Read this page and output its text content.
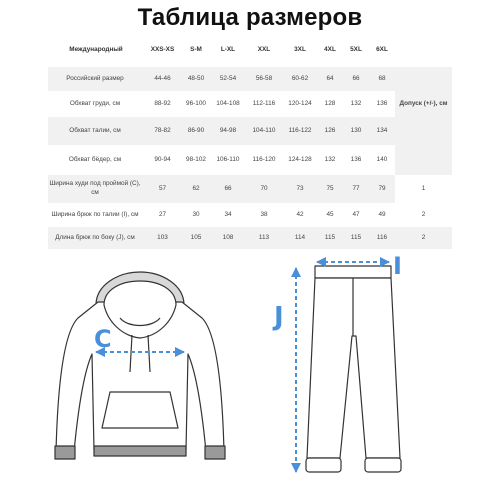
Таблица размеров
Международный	XXS-XS	S-M	L-XL	XXL	3XL	4XL	5XL	6XL	
Российский размер	44-46	48-50	52-54	56-58	60-62	64	66	68	
Обхват груди, см	88-92	96-100	104-108	112-116	120-124	128	132	136	Допуск (+/-), см
Обхват талии, см	78-82	86-90	94-98	104-110	116-122	126	130	134	
Обхват бёдер, см	90-94	98-102	106-110	116-120	124-128	132	136	140	
Ширина худи под проймой (С), см	57	62	66	70	73	75	77	79	1
Ширина брюк по талии (I), см	27	30	34	38	42	45	47	49	2
Длина брюк по боку (J), см	103	105	108	113	114	115	115	116	2
C
I
J
